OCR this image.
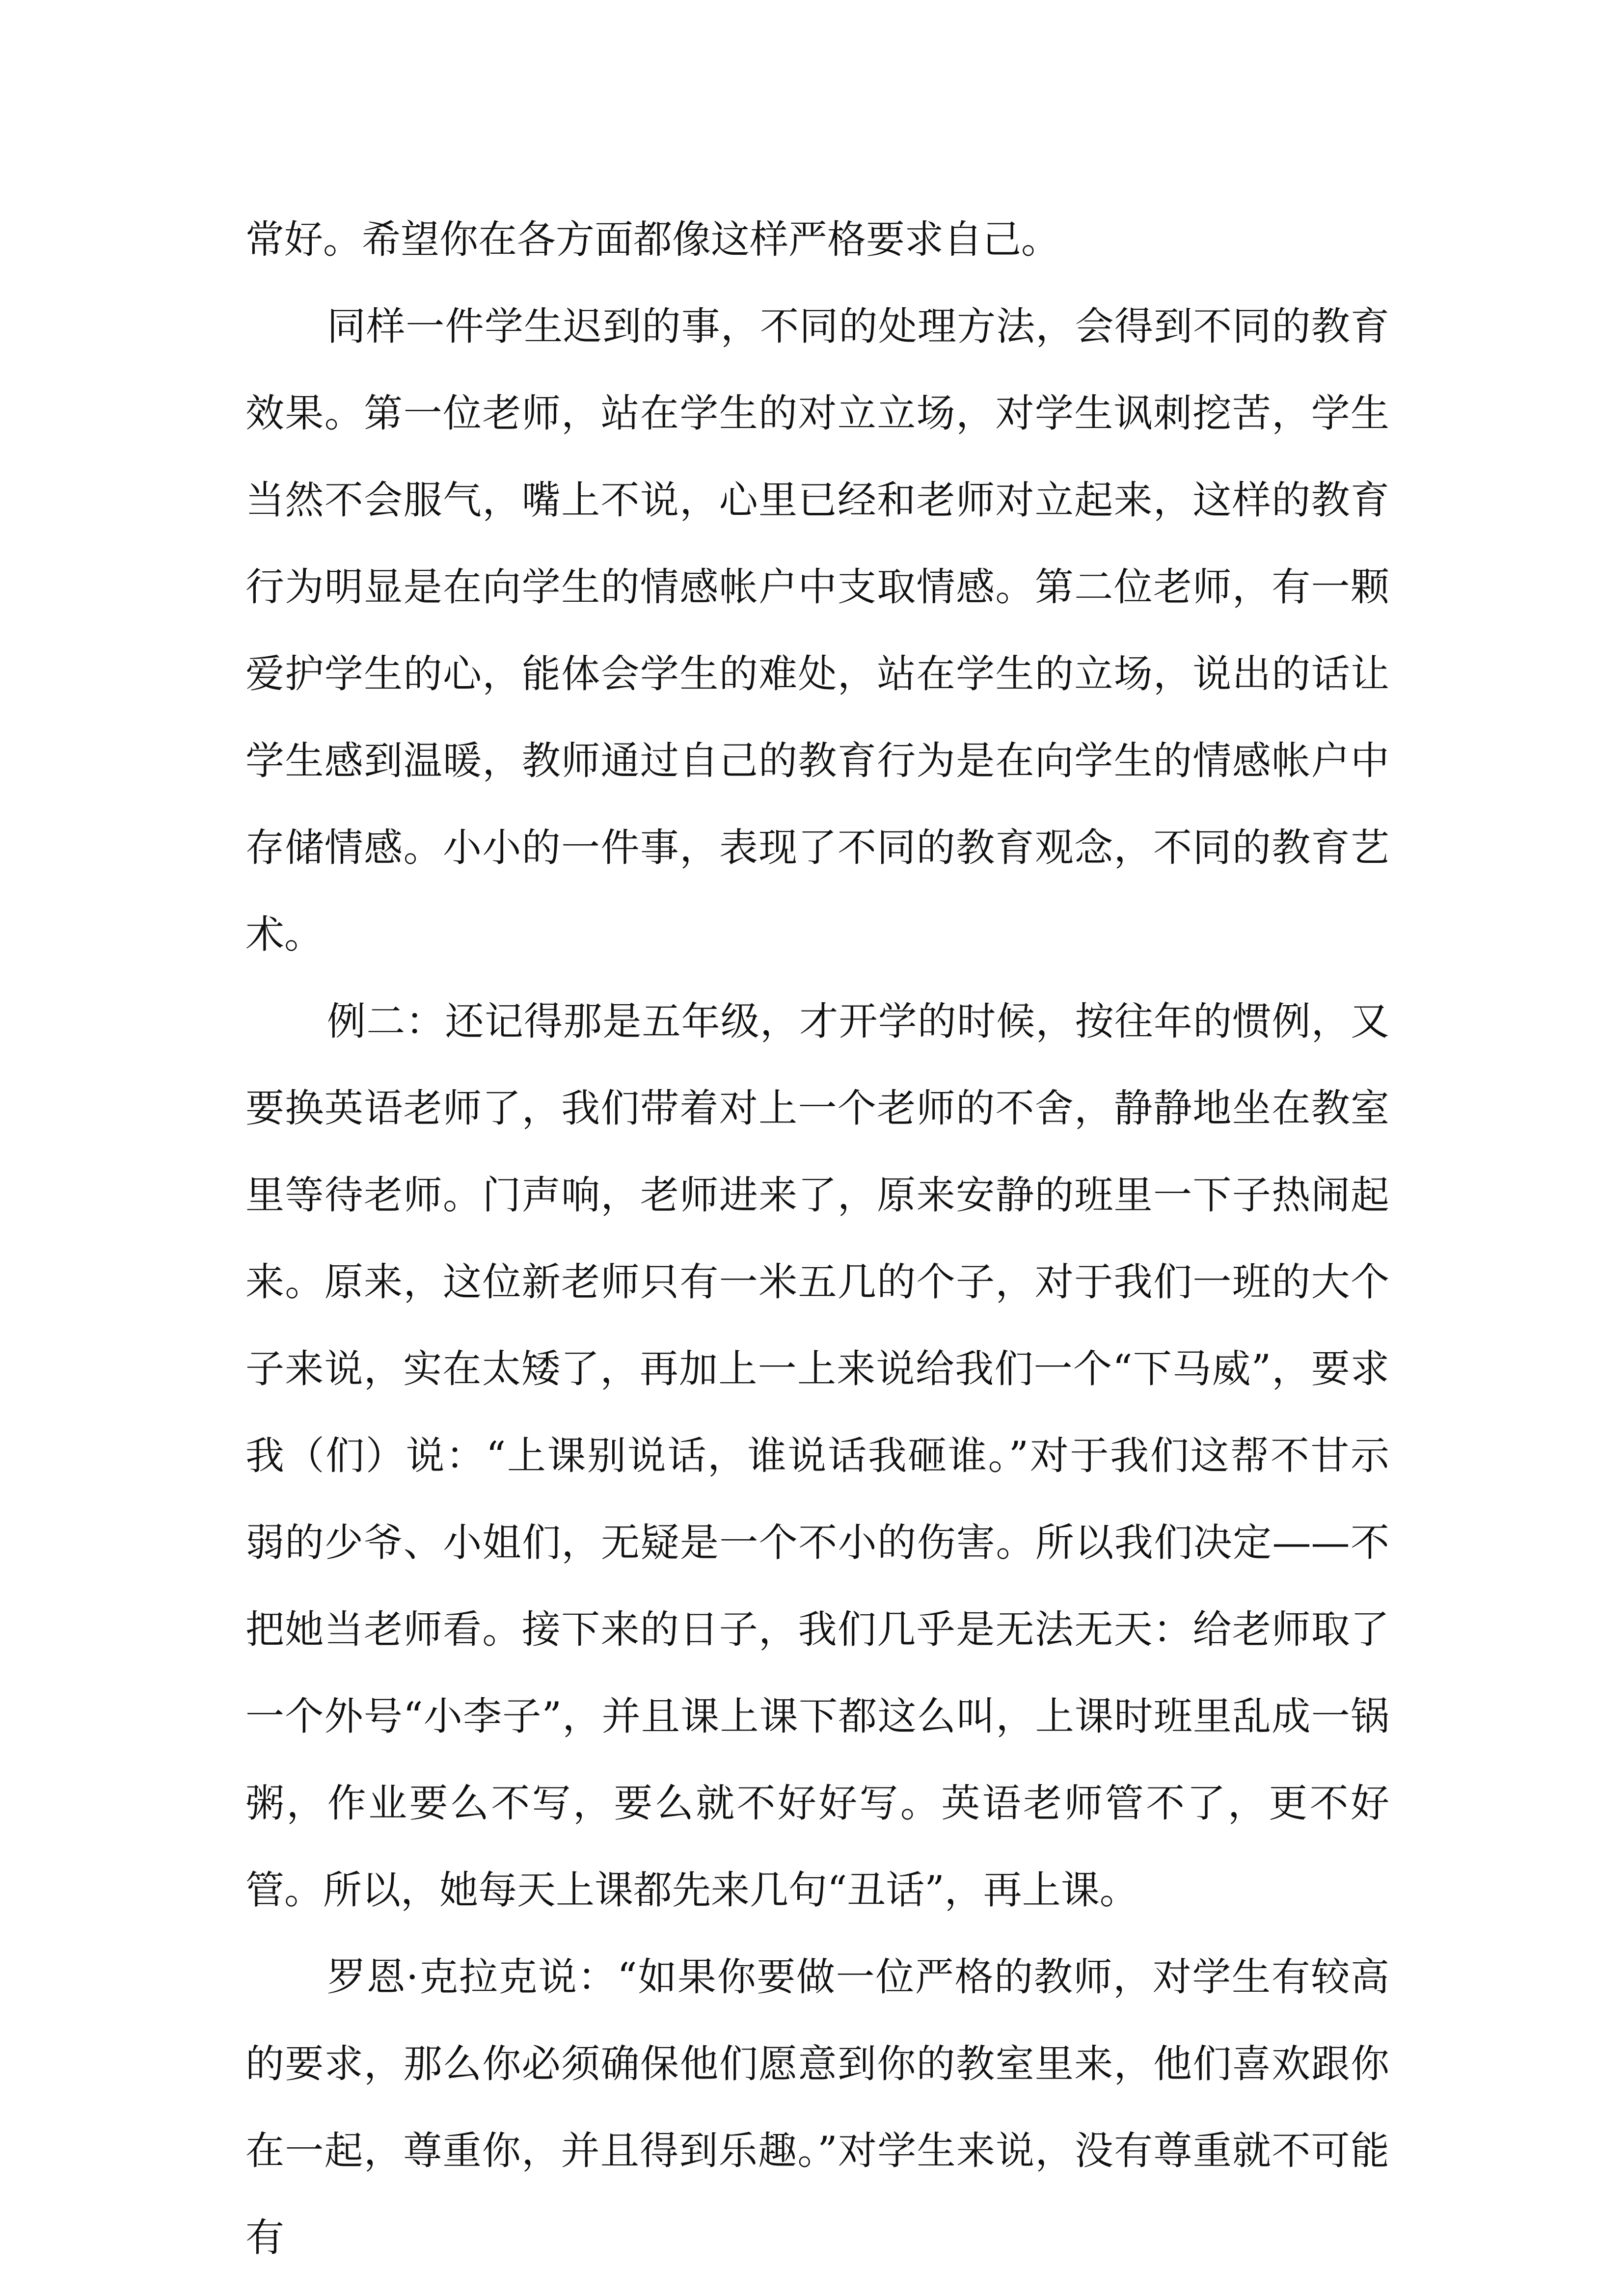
常好。希望你在各方面都像这样严格要求自己。

同样一件学生迟到的事，不同的处理方法，会得到不同的教育效果。第一位老师，站在学生的对立立场，对学生讽刺挖苦，学生当然不会服气，嘴上不说，心里已经和老师对立起来，这样的教育行为明显是在向学生的情感帐户中支取情感。第二位老师，有一颗爱护学生的心，能体会学生的难处，站在学生的立场，说出的话让学生感到温暖，教师通过自己的教育行为是在向学生的情感帐户中存储情感。小小的一件事，表现了不同的教育观念，不同的教育艺术。

例二：还记得那是五年级，才开学的时候，按往年的惯例，又要换英语老师了，我们带着对上一个老师的不舍，静静地坐在教室里等待老师。门声响，老师进来了，原来安静的班里一下子热闹起来。原来，这位新老师只有一米五几的个子，对于我们一班的大个子来说，实在太矮了，再加上一上来说给我们一个“下马威”，要求我（们）说：“上课别说话，谁说话我砸谁。”对于我们这帮不甘示弱的少爷、小姐们，无疑是一个不小的伤害。所以我们决定——不把她当老师看。接下来的日子，我们几乎是无法无天：给老师取了一个外号“小李子”，并且课上课下都这么叫，上课时班里乱成一锅粥，作业要么不写，要么就不好好写。英语老师管不了，更不好管。所以，她每天上课都先来几句“丑话”，再上课。

罗恩·克拉克说：“如果你要做一位严格的教师，对学生有较高的要求，那么你必须确保他们愿意到你的教室里来，他们喜欢跟你在一起，尊重你，并且得到乐趣。”对学生来说，没有尊重就不可能有
